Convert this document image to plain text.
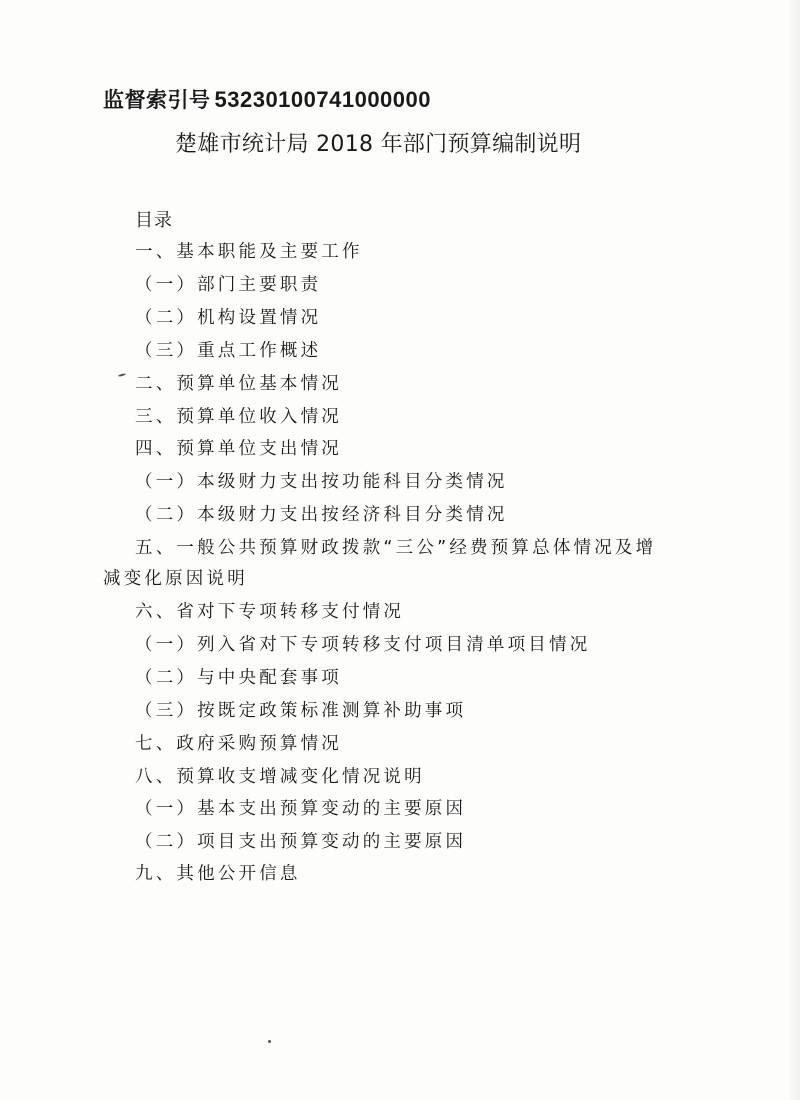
监督索引号 53230100741000000
楚雄市统计局 2018 年部门预算编制说明
目录
一、基本职能及主要工作
（一）部门主要职责
（二）机构设置情况
（三）重点工作概述
二、预算单位基本情况
三、预算单位收入情况
四、预算单位支出情况
（一）本级财力支出按功能科目分类情况
（二）本级财力支出按经济科目分类情况
五、一般公共预算财政拨款“三公”经费预算总体情况及增
减变化原因说明
六、省对下专项转移支付情况
（一）列入省对下专项转移支付项目清单项目情况
（二）与中央配套事项
（三）按既定政策标准测算补助事项
七、政府采购预算情况
八、预算收支增减变化情况说明
（一）基本支出预算变动的主要原因
（二）项目支出预算变动的主要原因
九、其他公开信息
